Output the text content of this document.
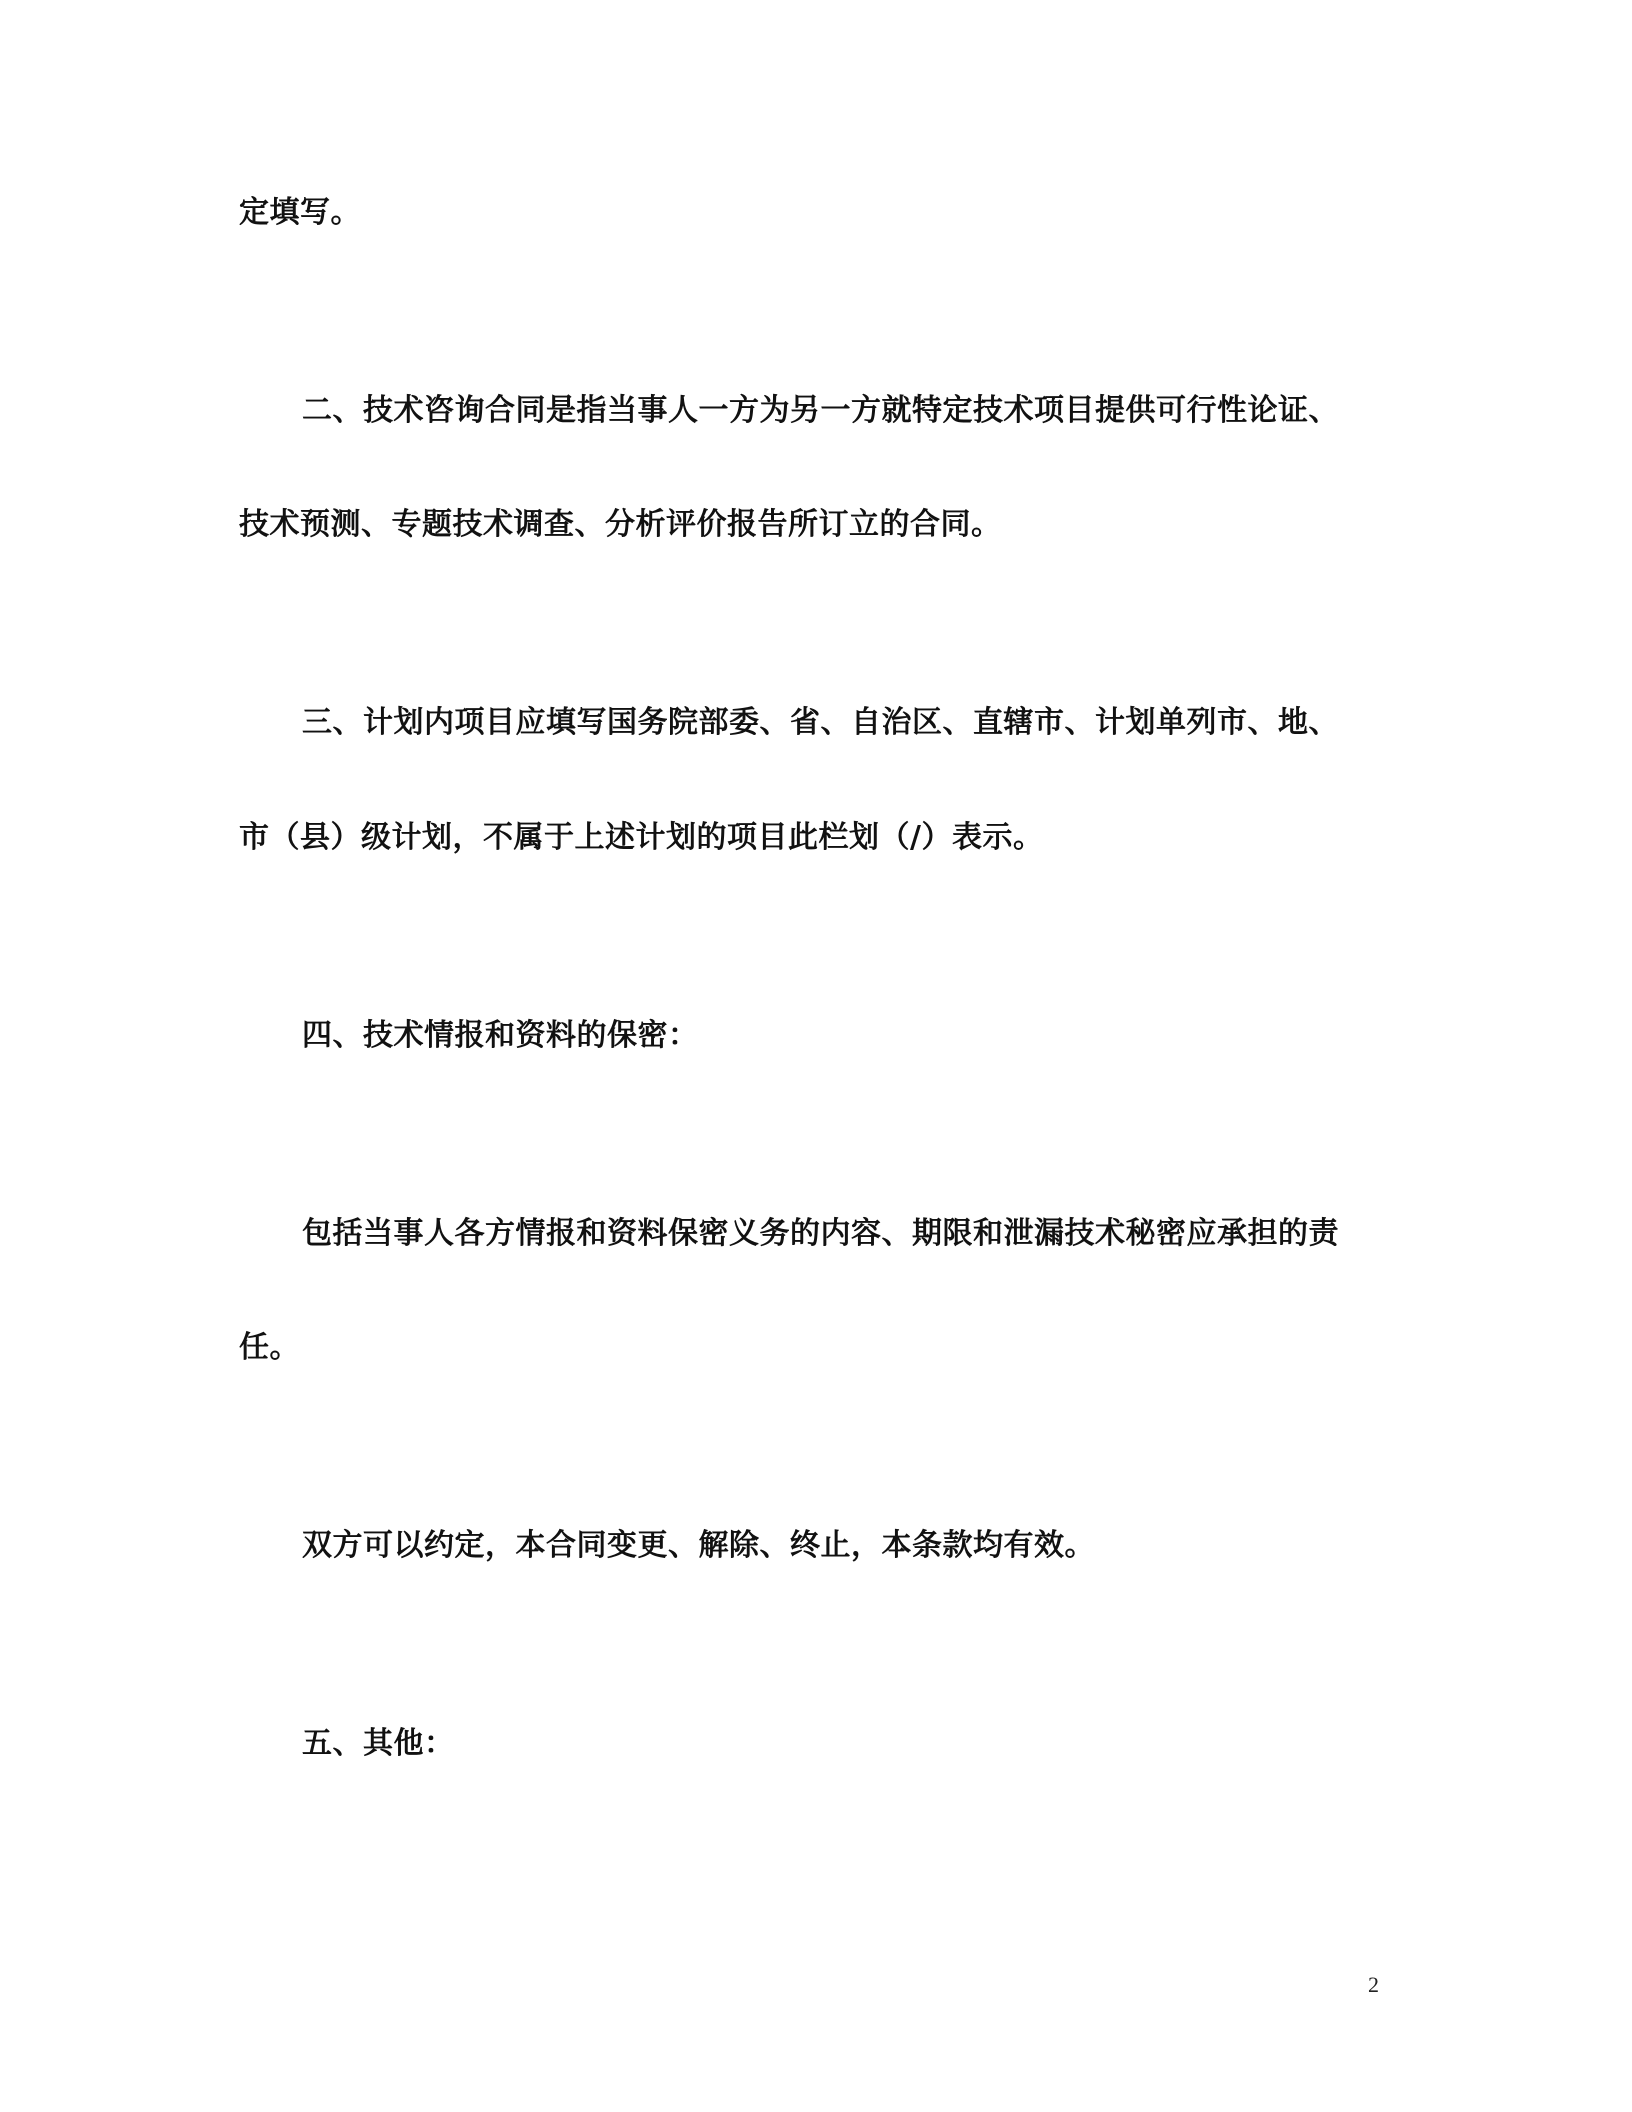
定填写。
二、技术咨询合同是指当事人一方为另一方就特定技术项目提供可行性论证、
技术预测、专题技术调查、分析评价报告所订立的合同。
三、计划内项目应填写国务院部委、省、自治区、直辖市、计划单列市、地、
市（县）级计划，不属于上述计划的项目此栏划（/）表示。
四、技术情报和资料的保密：
包括当事人各方情报和资料保密义务的内容、期限和泄漏技术秘密应承担的责
任。
双方可以约定，本合同变更、解除、终止，本条款均有效。
五、其他：
2
